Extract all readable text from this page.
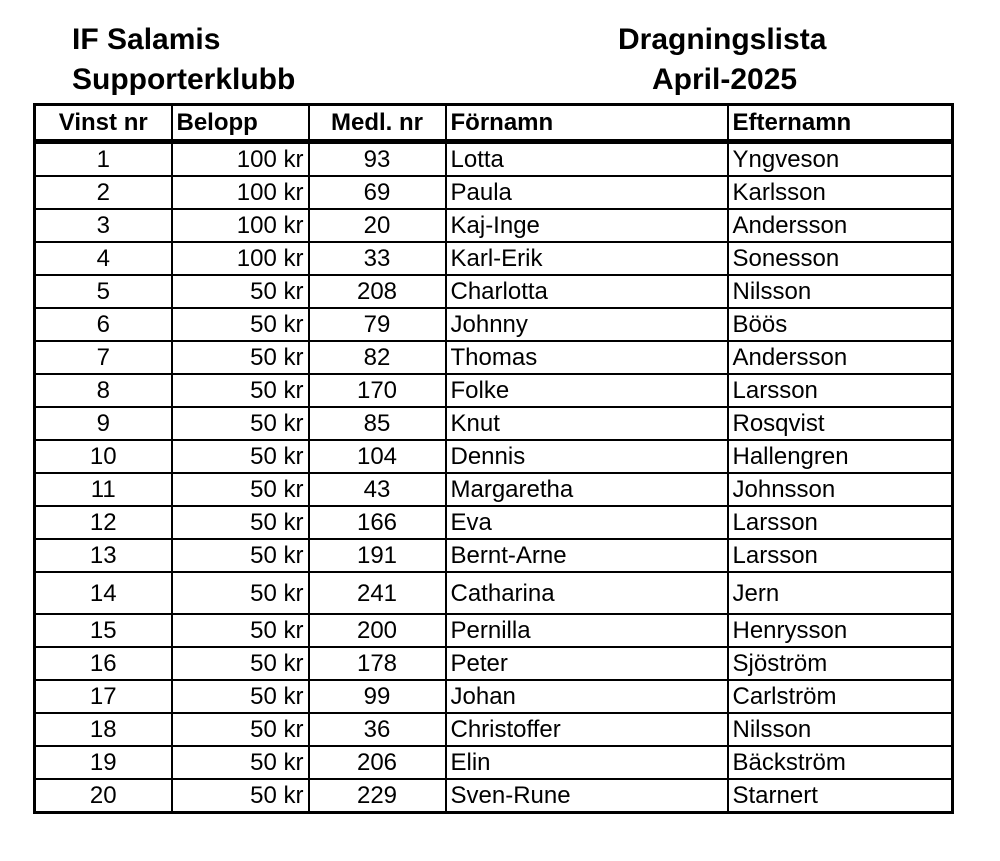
IF Salamis
Supporterklubb
Dragningslista
April-2025
Vinst nr	Belopp	Medl. nr	Förnamn	Efternamn
1	100 kr	93	Lotta	Yngveson
2	100 kr	69	Paula	Karlsson
3	100 kr	20	Kaj-Inge	Andersson
4	100 kr	33	Karl-Erik	Sonesson
5	50 kr	208	Charlotta	Nilsson
6	50 kr	79	Johnny	Böös
7	50 kr	82	Thomas	Andersson
8	50 kr	170	Folke	Larsson
9	50 kr	85	Knut	Rosqvist
10	50 kr	104	Dennis	Hallengren
11	50 kr	43	Margaretha	Johnsson
12	50 kr	166	Eva	Larsson
13	50 kr	191	Bernt-Arne	Larsson
14	50 kr	241	Catharina	Jern
15	50 kr	200	Pernilla	Henrysson
16	50 kr	178	Peter	Sjöström
17	50 kr	99	Johan	Carlström
18	50 kr	36	Christoffer	Nilsson
19	50 kr	206	Elin	Bäckström
20	50 kr	229	Sven-Rune	Starnert
